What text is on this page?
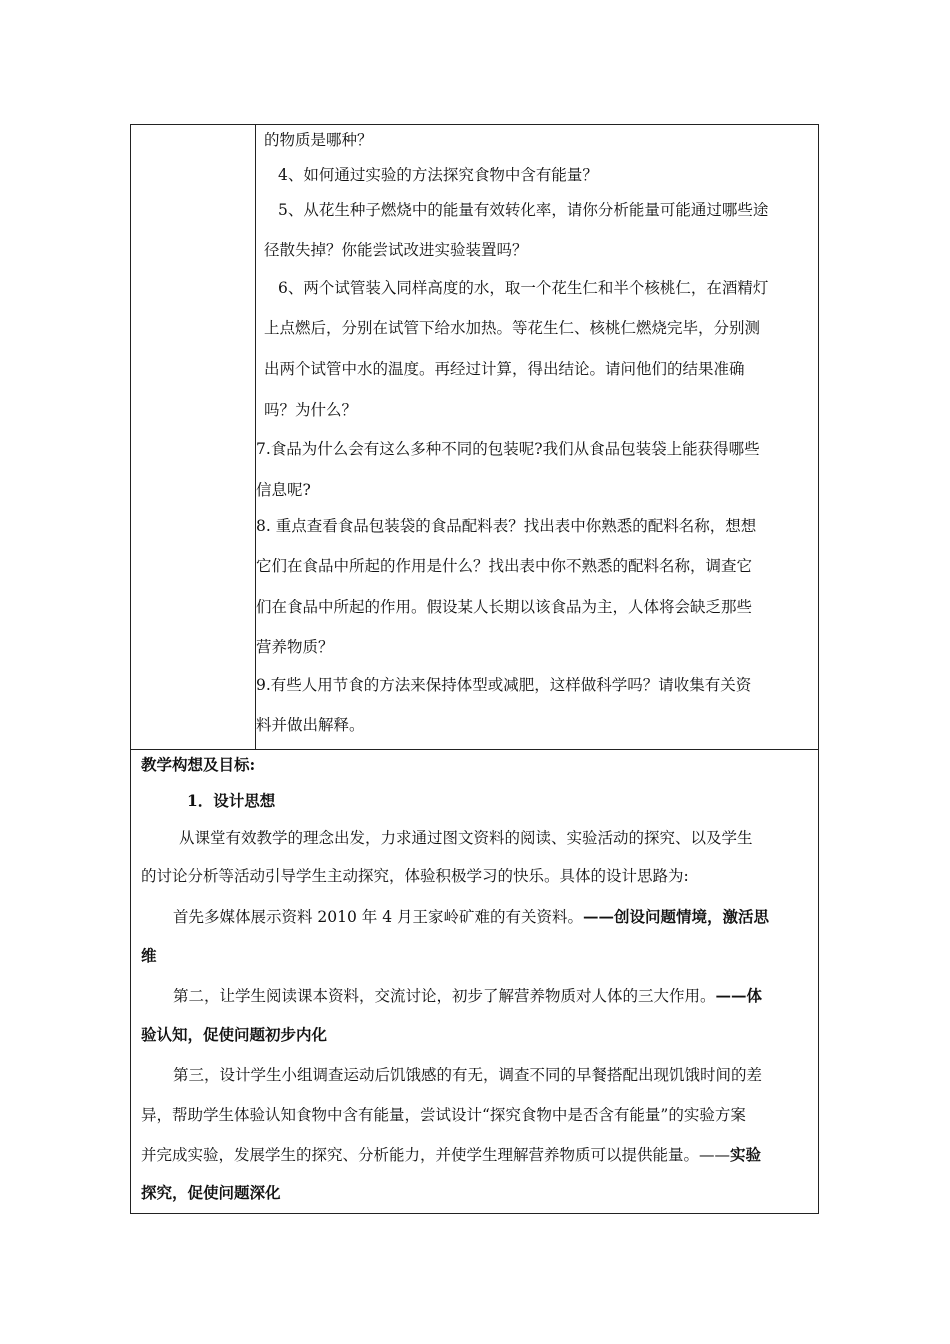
的物质是哪种？
4、如何通过实验的方法探究食物中含有能量？
5、从花生种子燃烧中的能量有效转化率，请你分析能量可能通过哪些途
径散失掉？你能尝试改进实验装置吗？
6、两个试管装入同样高度的水，取一个花生仁和半个核桃仁，在酒精灯
上点燃后，分别在试管下给水加热。等花生仁、核桃仁燃烧完毕，分别测
出两个试管中水的温度。再经过计算，得出结论。请问他们的结果准确
吗？为什么？
7.食品为什么会有这么多种不同的包装呢?我们从食品包装袋上能获得哪些
信息呢?
8. 重点查看食品包装袋的食品配料表？找出表中你熟悉的配料名称，想想
它们在食品中所起的作用是什么？找出表中你不熟悉的配料名称，调查它
们在食品中所起的作用。假设某人长期以该食品为主，人体将会缺乏那些
营养物质？
9.有些人用节食的方法来保持体型或减肥，这样做科学吗？请收集有关资
料并做出解释。
教学构想及目标:
1．设计思想
从课堂有效教学的理念出发，力求通过图文资料的阅读、实验活动的探究、以及学生
的讨论分析等活动引导学生主动探究，体验积极学习的快乐。具体的设计思路为:
首先多媒体展示资料 2010 年 4 月王家岭矿难的有关资料。——创设问题情境，激活思
维
第二，让学生阅读课本资料，交流讨论，初步了解营养物质对人体的三大作用。——体
验认知，促使问题初步内化
第三，设计学生小组调查运动后饥饿感的有无，调查不同的早餐搭配出现饥饿时间的差
异，帮助学生体验认知食物中含有能量，尝试设计“探究食物中是否含有能量”的实验方案
并完成实验，发展学生的探究、分析能力，并使学生理解营养物质可以提供能量。——实验
探究，促使问题深化
